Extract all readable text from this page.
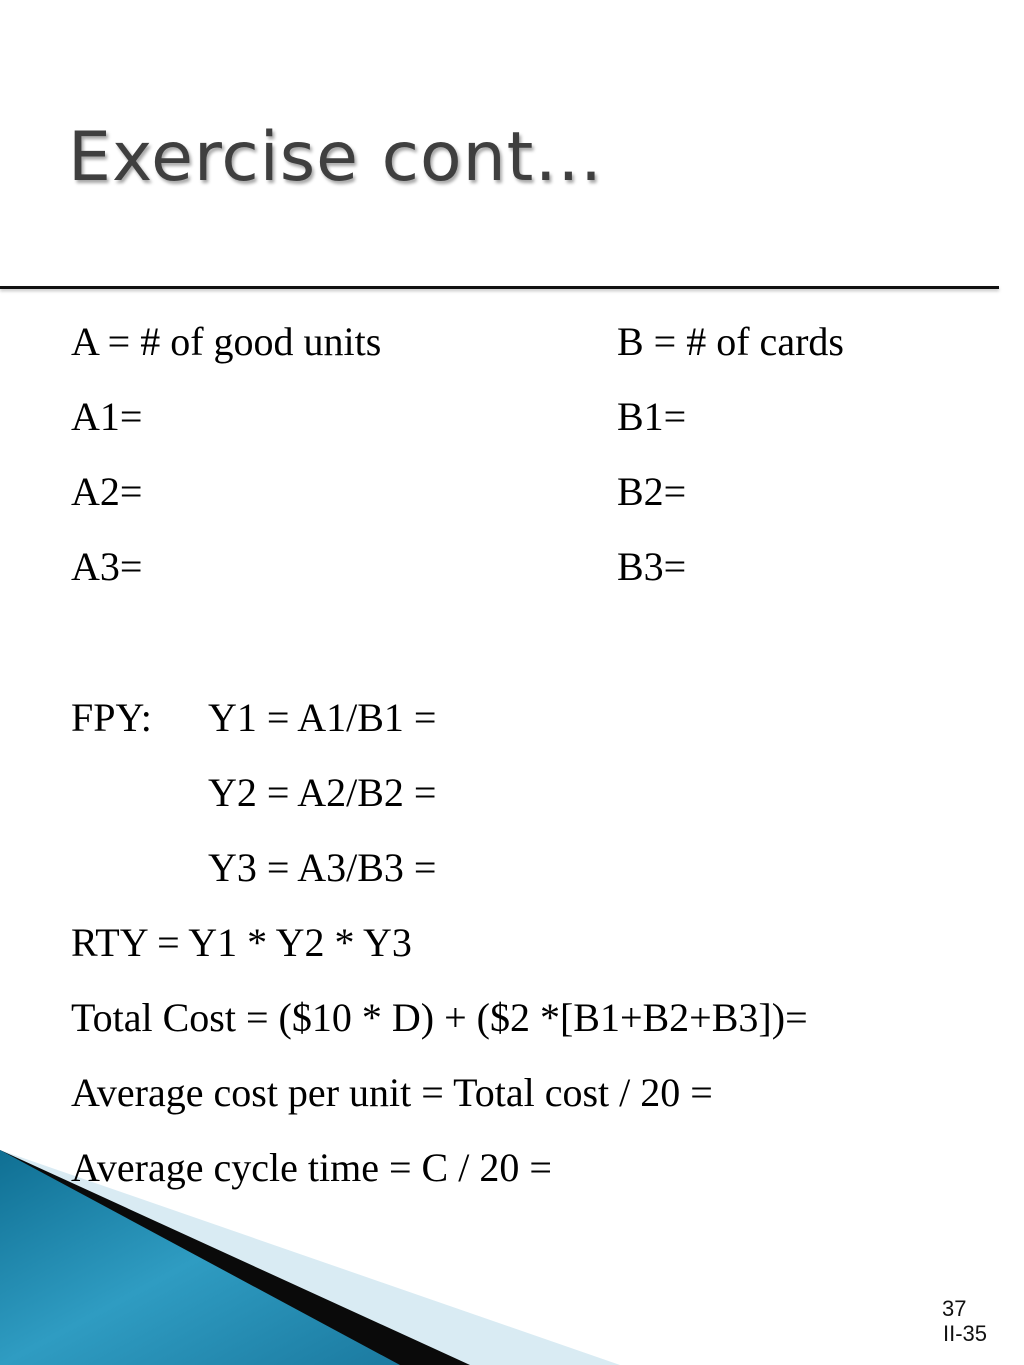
Exercise cont…
A = # of good units	B = # of cards
A1=	B1=
A2=	B2=
A3=	B3=
FPY: Y1 = A1/B1 =
Y2 = A2/B2 =
Y3 = A3/B3 =
RTY = Y1 * Y2 * Y3
Total Cost = ($10 * D) + ($2 *[B1+B2+B3])=
Average cost per unit = Total cost / 20 =
Average cycle time = C / 20 =
37
II-35
